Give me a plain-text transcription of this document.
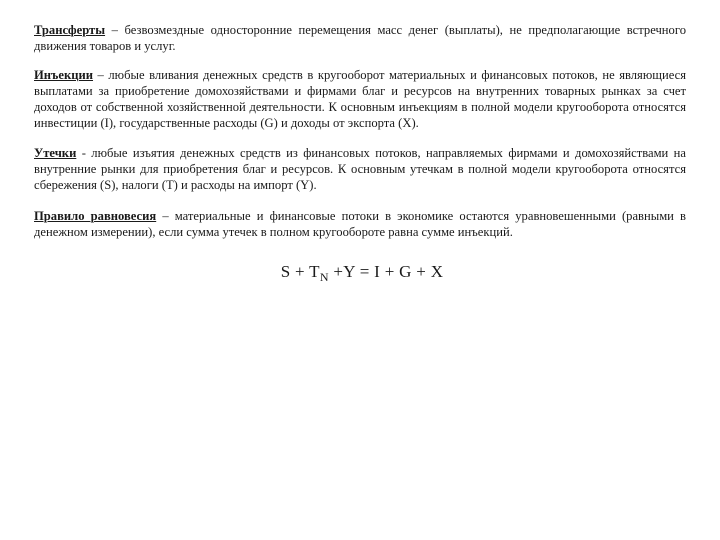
Трансферты – безвозмездные односторонние перемещения масс денег (выплаты), не предполагающие встречного движения товаров и услуг.

Инъекции – любые вливания денежных средств в кругооборот материальных и финансовых потоков, не являющиеся выплатами за приобретение домохозяйствами и фирмами благ и ресурсов на внутренних товарных рынках за счет доходов от собственной хозяйственной деятельности. К основным инъекциям в полной модели кругооборота относятся инвестиции (I), государственные расходы (G) и доходы от экспорта (X).

Утечки - любые изъятия денежных средств из финансовых потоков, направляемых фирмами и домохозяйствами на внутренние рынки для приобретения благ и ресурсов. К основным утечкам в полной модели кругооборота относятся сбережения (S), налоги (T) и расходы на импорт (Y).

Правило равновесия – материальные и финансовые потоки в экономике остаются уравновешенными (равными в денежном измерении), если сумма утечек в полном кругообороте равна сумме инъекций.

$S + T_N +Y = I + G + X$
